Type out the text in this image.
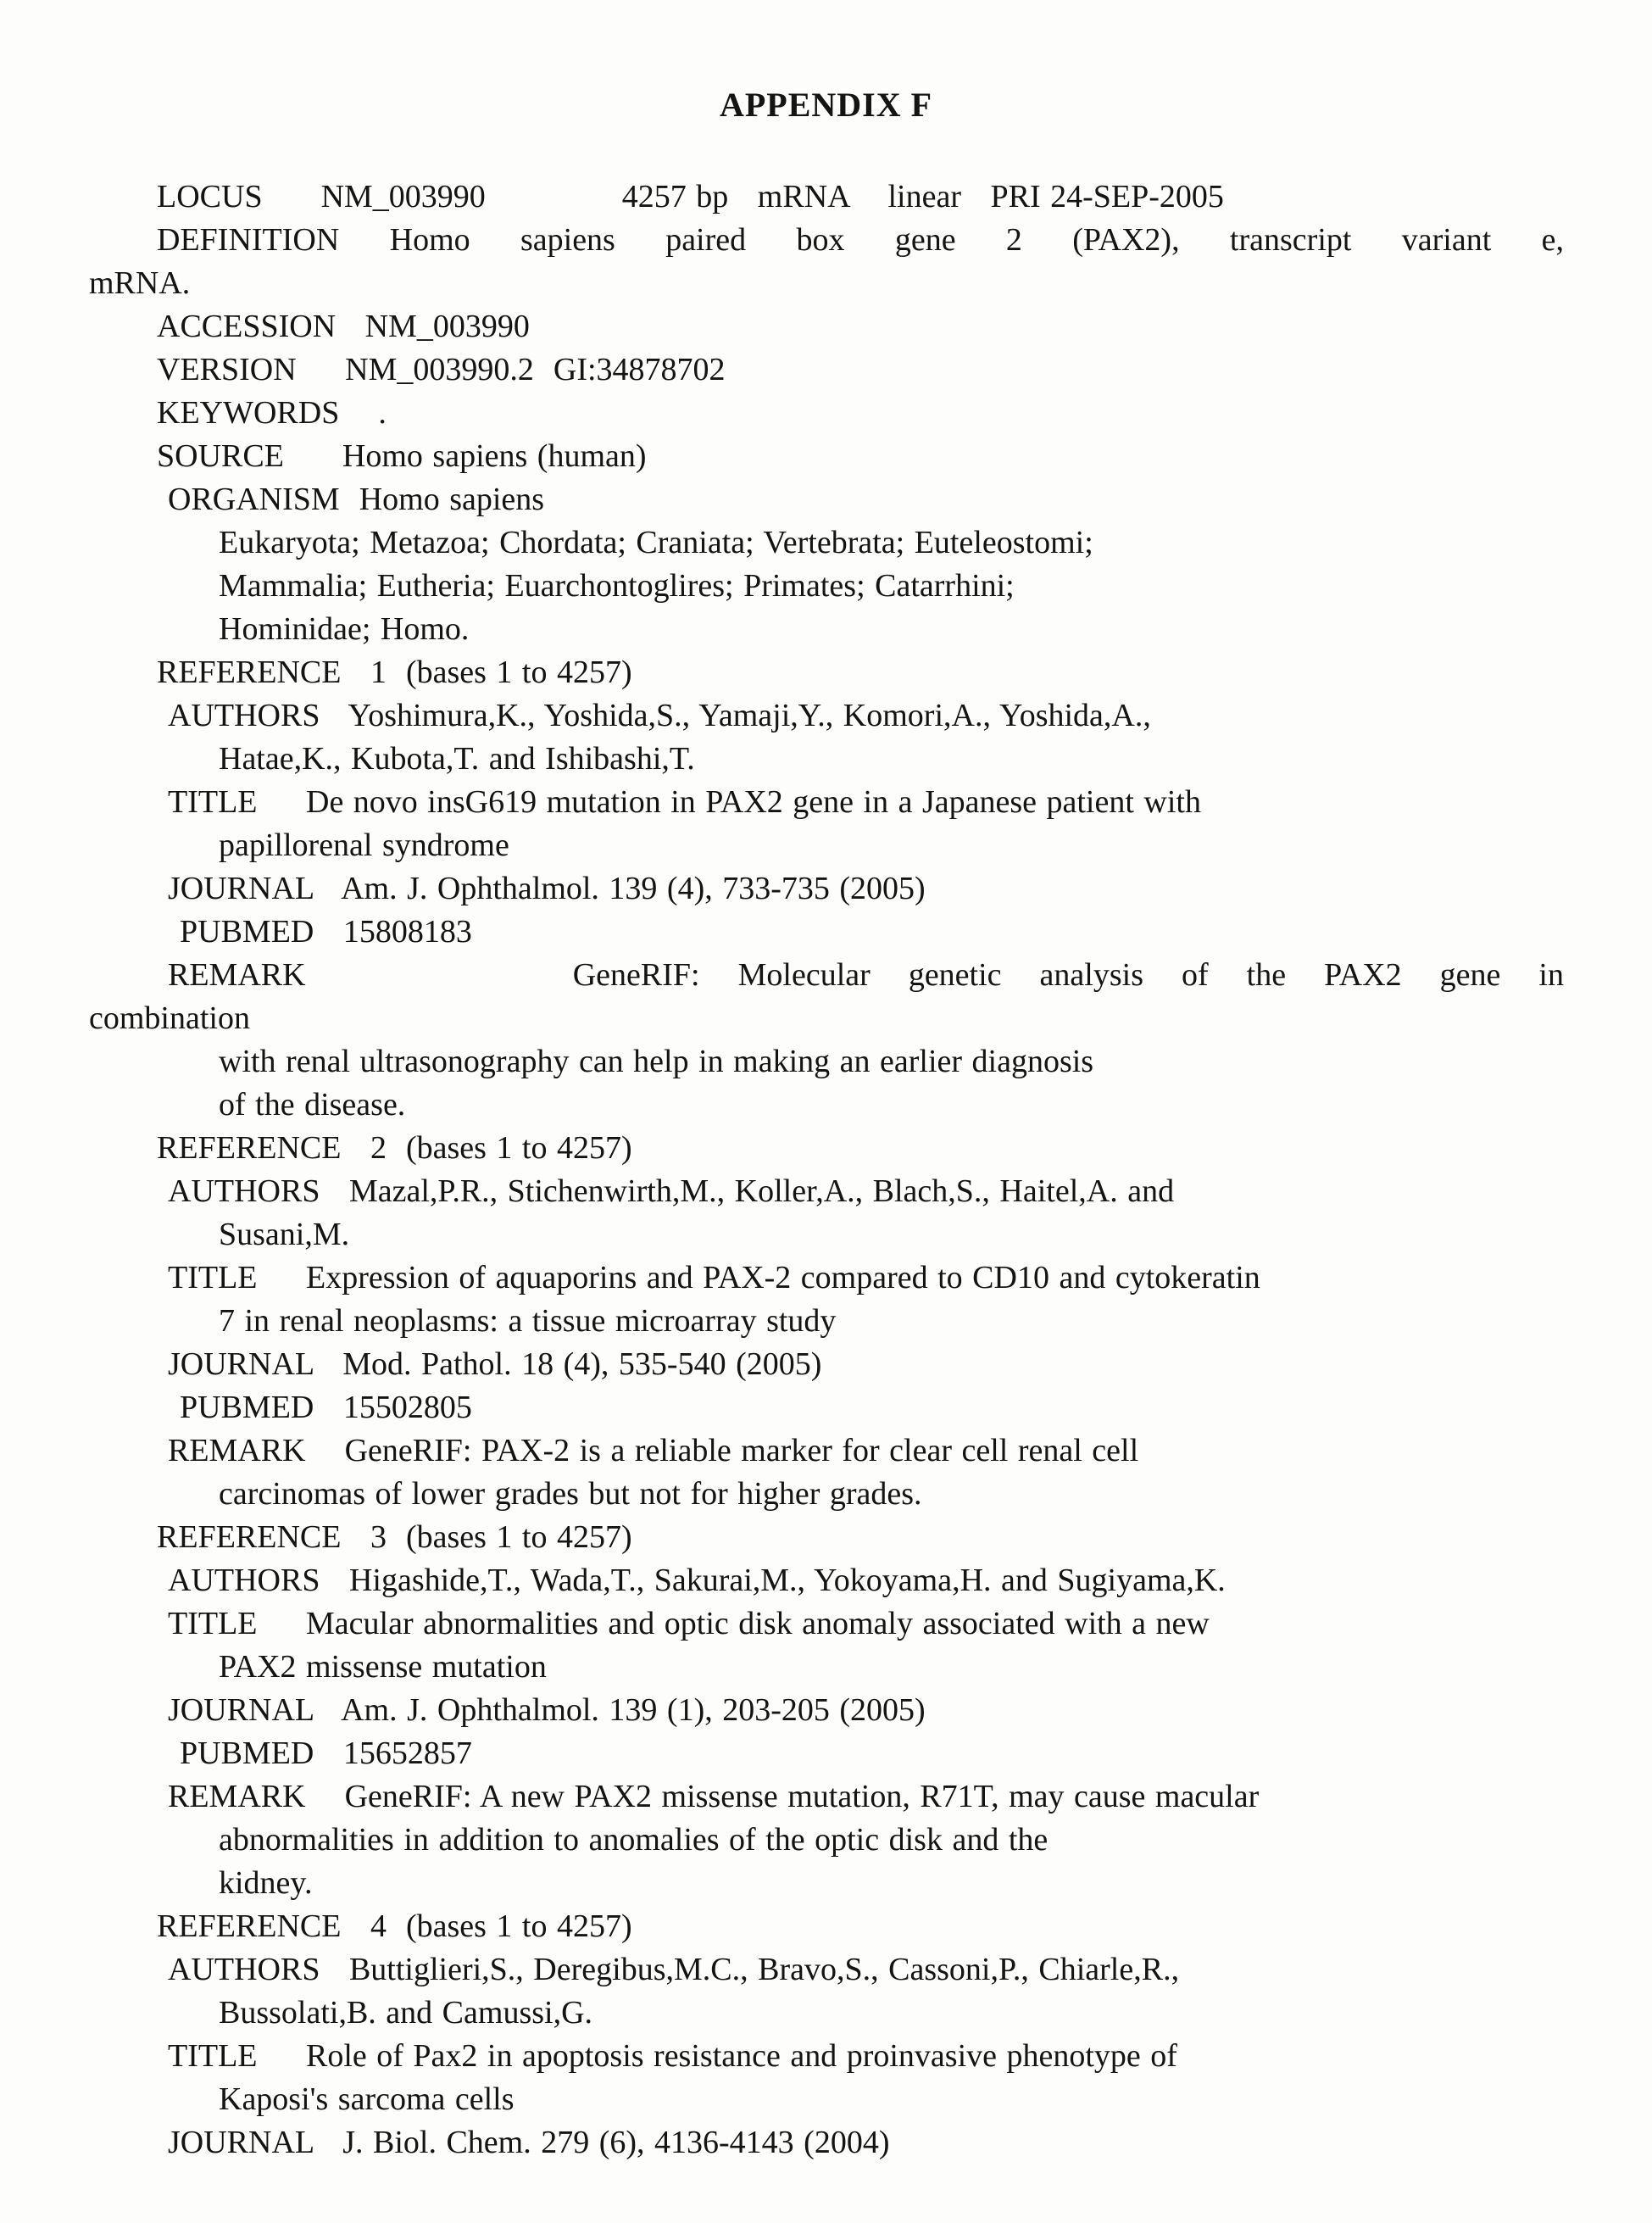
APPENDIX F
LOCUS      NM_003990              4257 bp   mRNA    linear   PRI 24-SEP-2005
DEFINITION Homo sapiens paired box gene 2 (PAX2), transcript variant e,
mRNA.
ACCESSION   NM_003990
VERSION     NM_003990.2  GI:34878702
KEYWORDS    .
SOURCE      Homo sapiens (human)
ORGANISM  Homo sapiens
Eukaryota; Metazoa; Chordata; Craniata; Vertebrata; Euteleostomi;
Mammalia; Eutheria; Euarchontoglires; Primates; Catarrhini;
Hominidae; Homo.
REFERENCE   1  (bases 1 to 4257)
AUTHORS   Yoshimura,K., Yoshida,S., Yamaji,Y., Komori,A., Yoshida,A.,
Hatae,K., Kubota,T. and Ishibashi,T.
TITLE     De novo insG619 mutation in PAX2 gene in a Japanese patient with
papillorenal syndrome
JOURNAL   Am. J. Ophthalmol. 139 (4), 733-735 (2005)
PUBMED   15808183
REMARK       GeneRIF: Molecular genetic analysis of the PAX2 gene in
combination
with renal ultrasonography can help in making an earlier diagnosis
of the disease.
REFERENCE   2  (bases 1 to 4257)
AUTHORS   Mazal,P.R., Stichenwirth,M., Koller,A., Blach,S., Haitel,A. and
Susani,M.
TITLE     Expression of aquaporins and PAX-2 compared to CD10 and cytokeratin
7 in renal neoplasms: a tissue microarray study
JOURNAL   Mod. Pathol. 18 (4), 535-540 (2005)
PUBMED   15502805
REMARK    GeneRIF: PAX-2 is a reliable marker for clear cell renal cell
carcinomas of lower grades but not for higher grades.
REFERENCE   3  (bases 1 to 4257)
AUTHORS   Higashide,T., Wada,T., Sakurai,M., Yokoyama,H. and Sugiyama,K.
TITLE     Macular abnormalities and optic disk anomaly associated with a new
PAX2 missense mutation
JOURNAL   Am. J. Ophthalmol. 139 (1), 203-205 (2005)
PUBMED   15652857
REMARK    GeneRIF: A new PAX2 missense mutation, R71T, may cause macular
abnormalities in addition to anomalies of the optic disk and the
kidney.
REFERENCE   4  (bases 1 to 4257)
AUTHORS   Buttiglieri,S., Deregibus,M.C., Bravo,S., Cassoni,P., Chiarle,R.,
Bussolati,B. and Camussi,G.
TITLE     Role of Pax2 in apoptosis resistance and proinvasive phenotype of
Kaposi's sarcoma cells
JOURNAL   J. Biol. Chem. 279 (6), 4136-4143 (2004)
